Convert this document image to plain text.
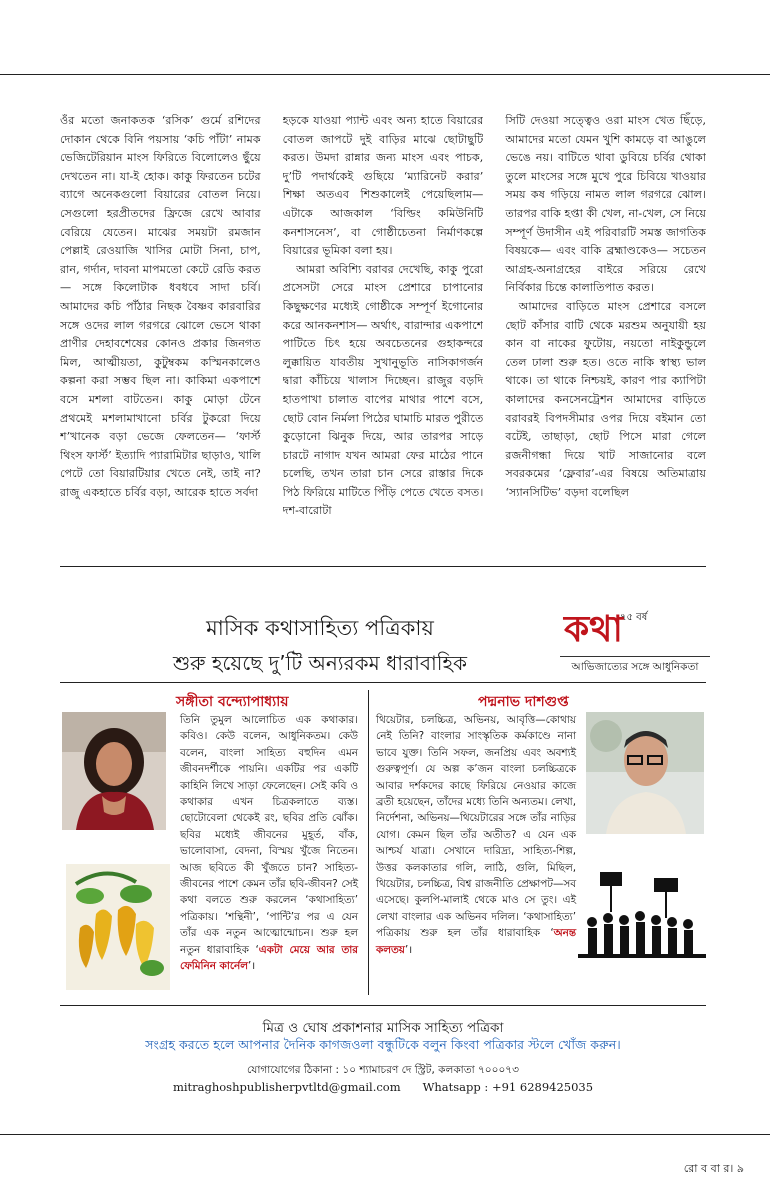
ওঁর মতো জনাকতক ‘রসিক’ গুর্মে রশিদের দোকান থেকে বিনি পয়সায় ‘কচি পাঁটা’ নামক ভেজিটেরিয়ান মাংস ফিরিতে বিলোলেও ছুঁয়ে দেখতেন না। যা-ই হোক। কাকু ফিরতেন চটের ব্যাগে অনেকগুলো বিয়ারের বোতল নিয়ে। সেগুলো হরপ্রীতদের ফ্রিজে রেখে আবার বেরিয়ে যেতেন। মাঝের সময়টা রমজান পেল্লাই রেওয়াজি খাসির মোটা সিনা, চাপ, রান, গর্দান, দাবনা মাপমতো কেটে রেডি করত— সঙ্গে কিলোটাক ধবধবে সাদা চর্বি। আমাদের কচি পাঁঠার নিছক বৈষ্ণব কারবারির সঙ্গে ওদের লাল গরগরে ঝোলে ভেসে থাকা প্রাণীর দেহাবশেষের কোনও প্রকার জিনগত মিল, আত্মীয়তা, কুটুম্বকম কস্মিনকালেও কল্পনা করা সম্ভব ছিল না। কাকিমা একপাশে বসে মশলা বাটতেন। কাকু মোড়া টেনে প্রথমেই মশলামাখানো চর্বির টুকরো দিয়ে শ’খানেক বড়া ভেজে ফেলতেন— ‘ফার্স্ট থিংস ফার্স্ট’ ইত্যাদি প্যারামিটার ছাড়াও, খালি পেটে তো বিয়ারটিয়ার খেতে নেই, তাই না? রাজু একহাতে চর্বির বড়া, আরেক হাতে সর্বদা

হড়কে যাওয়া প্যান্ট এবং অন্য হাতে বিয়ারের বোতল জাপটে দুই বাড়ির মাঝে ছোটাছুটি করত। উমদা রান্নার জন্য মাংস এবং পাচক, দু’টি পদার্থকেই গুছিয়ে ‘ম্যারিনেট করার’ শিক্ষা অতএব শিশুকালেই পেয়েছিলাম— এটাকে আজকাল ‘বিল্ডিং কমিউনিটি কনশাসনেস’, বা গোষ্ঠীচেতনা নির্মাণকল্পে বিয়ারের ভূমিকা বলা হয়।

আমরা অবিশ্যি বরাবর দেখেছি, কাকু পুরো প্রসেসটা সেরে মাংস প্রেশারে চাপানোর কিছুক্ষণের মধ্যেই গোষ্ঠীকে সম্পূর্ণ ইগোনোর করে আনকনশাস— অর্থাৎ, বারান্দার একপাশে পাটিতে চিৎ হয়ে অবচেতনের গুহাকন্দরে লুক্কায়িত যাবতীয় সুখানুভূতি নাসিকাগর্জন দ্বারা কাঁচিয়ে খালাস দিচ্ছেন। রাজুর বড়দি হাতপাখা চালাত বাপের মাথার পাশে বসে, ছোট বোন নির্মলা পিঠের ঘামাচি মারত পুরীতে কুড়োনো ঝিনুক দিয়ে, আর তারপর সাড়ে চারটে নাগাদ যখন আমরা ফের মাঠের পানে চলেছি, তখন তারা চান সেরে রাস্তার দিকে পিঠ ফিরিয়ে মাটিতে পিঁড়ি পেতে খেতে বসত। দশ-বারোটা

সিটি দেওয়া সত্ত্বেও ওরা মাংস খেত ছিঁড়ে, আমাদের মতো যেমন খুশি কামড়ে বা আঙুলে ভেঙে নয়। বাটিতে থাবা ডুবিয়ে চর্বির থোকা তুলে মাংসের সঙ্গে মুখে পুরে চিবিয়ে খাওয়ার সময় কষ গড়িয়ে নামত লাল গরগরে ঝোল। তারপর বাকি হপ্তা কী খেল, না-খেল, সে নিয়ে সম্পূর্ণ উদাসীন এই পরিবারটি সমস্ত জাগতিক বিষয়কে— এবং বাকি ব্রহ্মাণ্ডকেও— সচেতন আগ্রহ-অনাগ্রহের বাইরে সরিয়ে রেখে নির্বিকার চিন্তে কালাতিপাত করত।

আমাদের বাড়িতে মাংস প্রেশারে বসলে ছোট কাঁসার বাটি থেকে মরশুম অনুযায়ী হয় কান বা নাকের ফুটোয়, নয়তো নাইকুন্ডুলে তেল ঢালা শুরু হত। ওতে নাকি স্বাস্থ্য ভাল থাকে। তা থাকে নিশ্চয়ই, কারণ পার ক্যাপিটা কালাদের কনসেনট্রেশন আমাদের বাড়িতে বরাবরই বিপদসীমার ওপর দিয়ে বইমান তো বটেই, তাছাড়া, ছোট পিসে মারা গেলে রজনীগন্ধা দিয়ে খাট সাজানোর বলে সবরকমের ‘ফ্লেবার’-এর বিষয়ে অতিমাত্রায় ‘স্যানসিটিভ’ বড়দা বলেছিল

মাসিক কথাসাহিত্য পত্রিকায়
শুরু হয়েছে দু’টি অন্যরকম ধারাবাহিক
কথা
৭৫ বর্ষ
আভিজাত্যের সঙ্গে আধুনিকতা
সঙ্গীতা বন্দ্যোপাধ্যায়
তিনি তুমুল আলোচিত এক কথাকার। কবিও। কেউ বলেন, আধুনিকতম। কেউ বলেন, বাংলা সাহিত্য বহুদিন এমন জীবনদর্শীকে পায়নি। একটির পর একটি কাহিনি লিখে সাড়া ফেলেছেন। সেই কবি ও কথাকার এখন চিত্রকলাতে ব্যস্ত। ছোটোবেলা থেকেই রং, ছবির প্রতি ঝোঁক। ছবির মধ্যেই জীবনের মুহূর্ত, বাঁক, ভালোবাসা, বেদনা, বিস্ময় খুঁজে নিতেন। আজ ছবিতে কী খুঁজতে চান? সাহিত্য-জীবনের পাশে কেমন তাঁর ছবি-জীবন? সেই কথা বলতে শুরু করলেন ‘কথাসাহিত্য’ পত্রিকায়। ‘শন্থিনী’, ‘পান্টি’র পর এ যেন তাঁর এক নতুন আত্মোন্মোচন। শুরু হল নতুন ধারাবাহিক ‘একটা মেয়ে আর তার ফেমিনিন কার্নেল’।
পদ্মনাভ দাশগুপ্ত
থিয়েটার, চলচ্চিত্র, অভিনয়, আবৃত্তি—কোথায় নেই তিনি? বাংলার সাংস্কৃতিক কর্মকাণ্ডে নানা ভাবে যুক্ত। তিনি সফল, জনপ্রিয় এবং অবশ্যই গুরুত্বপূর্ণ। যে অল্প ক’জন বাংলা চলচ্চিত্রকে আবার দর্শকদের কাছে ফিরিয়ে নেওয়ার কাজে ব্রতী হয়েছেন, তাঁদের মধ্যে তিনি অন্যতম। লেখা, নির্দেশনা, অভিনয়—থিয়েটারের সঙ্গে তাঁর নাড়ির যোগ। কেমন ছিল তাঁর অতীত? এ যেন এক আশ্চর্য যাত্রা। সেখানে দারিদ্র্য, সাহিত্য-শিল্প, উত্তর কলকাতার গলি, লাঠি, গুলি, মিছিল, থিয়েটার, চলচ্চিত্র, বিশ্ব রাজনীতি প্রেক্ষাপট—সব এসেছে। কুলপি-মালাই থেকে মাও সে তুং। এই লেখা বাংলার এক অভিনব দলিল। ‘কথাসাহিত্য’ পত্রিকায় শুরু হল তাঁর ধারাবাহিক ‘অনন্ত কলতয়’।
মিত্র ও ঘোষ প্রকাশনার মাসিক সাহিত্য পত্রিকা
সংগ্রহ করতে হলে আপনার দৈনিক কাগজওলা বন্ধুটিকে বলুন কিংবা পত্রিকার স্টলে খোঁজ করুন।
যোগাযোগের ঠিকানা : ১০ শ্যামাচরণ দে স্ট্রিট, কলকাতা ৭০০০৭৩
mitraghoshpublisherpvtltd@gmail.com Whatsapp : +91 6289425035
রো ব বা র। ৯
